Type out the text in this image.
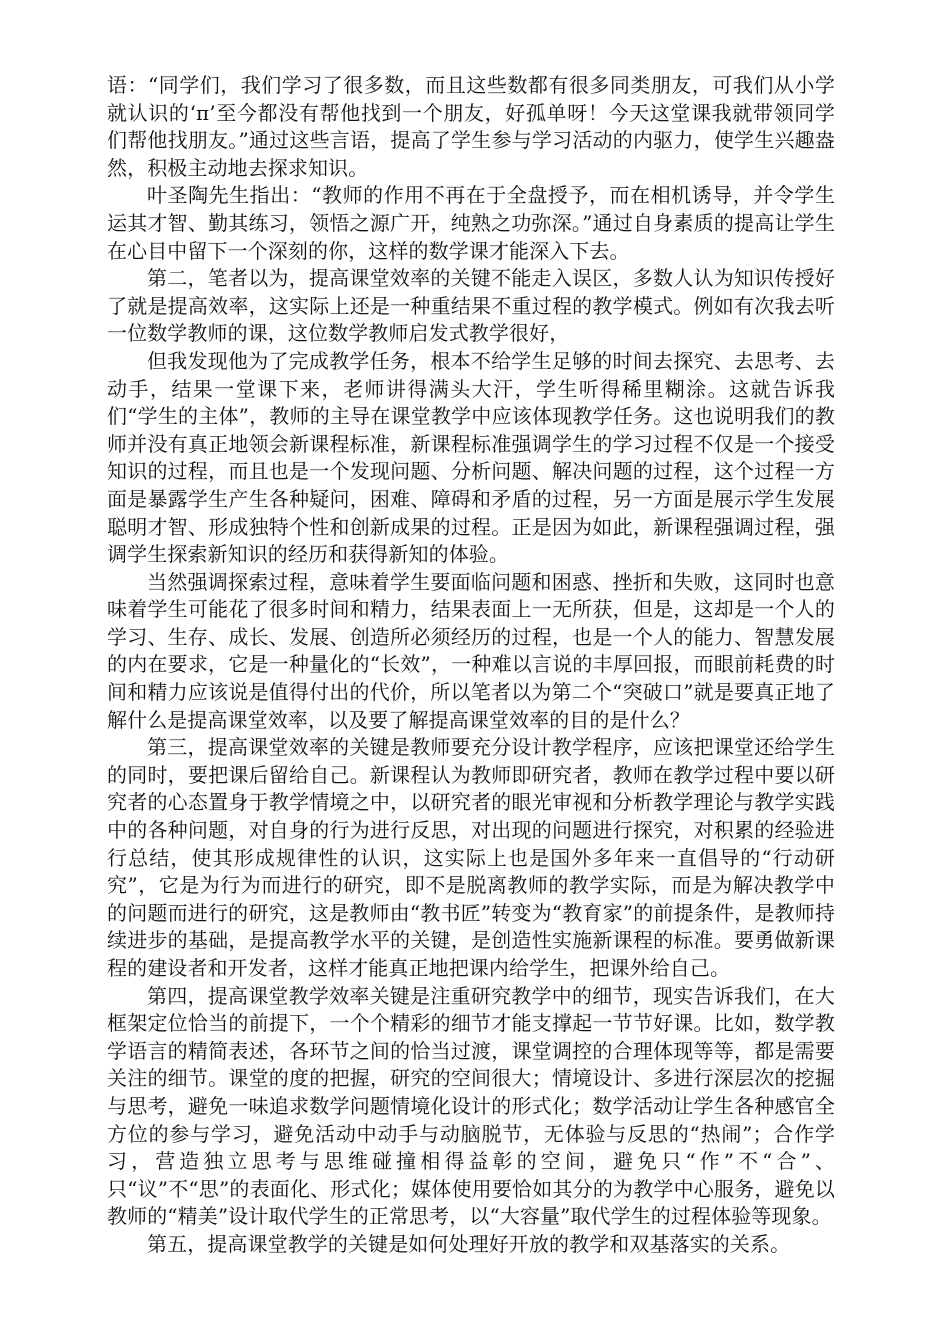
语：“同学们，我们学习了很多数，而且这些数都有很多同类朋友，可我们从小学就认识的‘π’至今都没有帮他找到一个朋友，好孤单呀！今天这堂课我就带领同学们帮他找朋友。”通过这些言语，提高了学生参与学习活动的内驱力，使学生兴趣盎然，积极主动地去探求知识。

叶圣陶先生指出：“教师的作用不再在于全盘授予，而在相机诱导，并令学生运其才智、勤其练习，领悟之源广开，纯熟之功弥深。”通过自身素质的提高让学生在心目中留下一个深刻的你，这样的数学课才能深入下去。

第二，笔者以为，提高课堂效率的关键不能走入误区，多数人认为知识传授好了就是提高效率，这实际上还是一种重结果不重过程的教学模式。例如有次我去听一位数学教师的课，这位数学教师启发式教学很好，

但我发现他为了完成教学任务，根本不给学生足够的时间去探究、去思考、去动手，结果一堂课下来，老师讲得满头大汗，学生听得稀里糊涂。这就告诉我们“学生的主体”，教师的主导在课堂教学中应该体现教学任务。这也说明我们的教师并没有真正地领会新课程标准，新课程标准强调学生的学习过程不仅是一个接受知识的过程，而且也是一个发现问题、分析问题、解决问题的过程，这个过程一方面是暴露学生产生各种疑问，困难、障碍和矛盾的过程，另一方面是展示学生发展聪明才智、形成独特个性和创新成果的过程。正是因为如此，新课程强调过程，强调学生探索新知识的经历和获得新知的体验。

当然强调探索过程，意味着学生要面临问题和困惑、挫折和失败，这同时也意味着学生可能花了很多时间和精力，结果表面上一无所获，但是，这却是一个人的学习、生存、成长、发展、创造所必须经历的过程，也是一个人的能力、智慧发展的内在要求，它是一种量化的“长效”，一种难以言说的丰厚回报，而眼前耗费的时间和精力应该说是值得付出的代价，所以笔者以为第二个“突破口”就是要真正地了解什么是提高课堂效率，以及要了解提高课堂效率的目的是什么？

第三，提高课堂效率的关键是教师要充分设计教学程序，应该把课堂还给学生的同时，要把课后留给自己。新课程认为教师即研究者，教师在教学过程中要以研究者的心态置身于教学情境之中，以研究者的眼光审视和分析教学理论与教学实践中的各种问题，对自身的行为进行反思，对出现的问题进行探究，对积累的经验进行总结，使其形成规律性的认识，这实际上也是国外多年来一直倡导的“行动研究”，它是为行为而进行的研究，即不是脱离教师的教学实际，而是为解决教学中的问题而进行的研究，这是教师由“教书匠”转变为“教育家”的前提条件，是教师持续进步的基础，是提高教学水平的关键，是创造性实施新课程的标准。要勇做新课程的建设者和开发者，这样才能真正地把课内给学生，把课外给自己。

第四，提高课堂教学效率关键是注重研究教学中的细节，现实告诉我们，在大框架定位恰当的前提下，一个个精彩的细节才能支撑起一节节好课。比如，数学教学语言的精简表述，各环节之间的恰当过渡，课堂调控的合理体现等等，都是需要关注的细节。课堂的度的把握，研究的空间很大；情境设计、多进行深层次的挖掘与思考，避免一味追求数学问题情境化设计的形式化；数学活动让学生各种感官全方位的参与学习，避免活动中动手与动脑脱节，无体验与反思的“热闹”；合作学习，营造独立思考与思维碰撞相得益彰的空间，避免只“作”不“合”、只“议”不“思”的表面化、形式化；媒体使用要恰如其分的为教学中心服务，避免以教师的“精美”设计取代学生的正常思考，以“大容量”取代学生的过程体验等现象。

第五，提高课堂教学的关键是如何处理好开放的教学和双基落实的关系。
